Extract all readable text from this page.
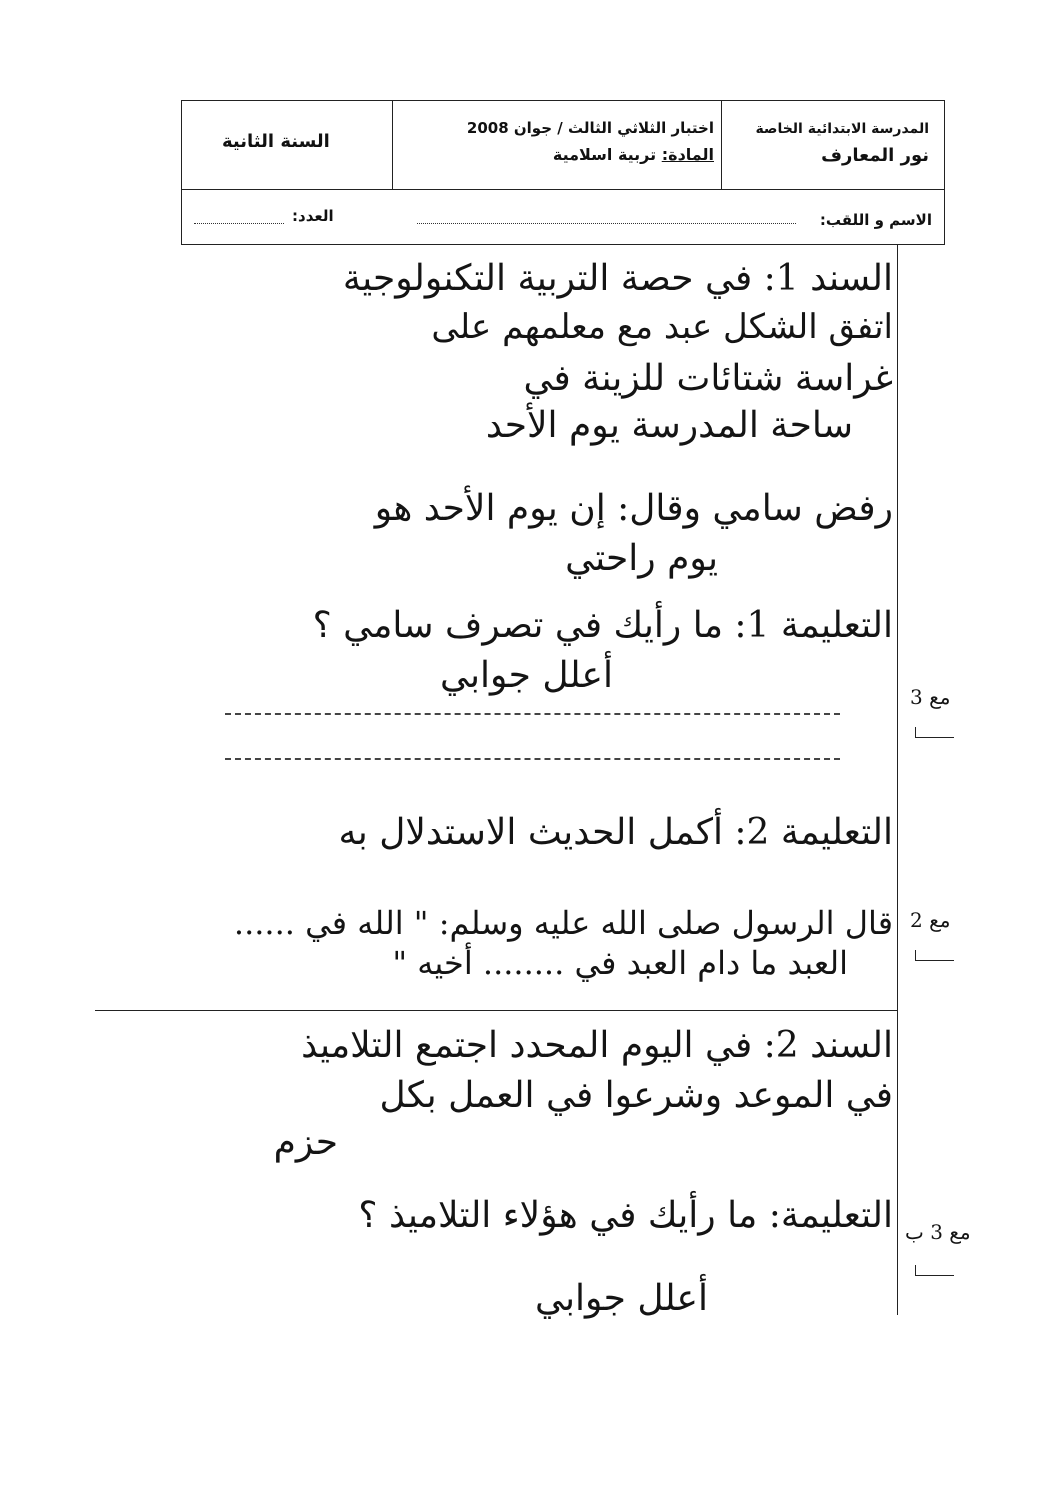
المدرسة الابتدائية الخاصة
نور المعارف
اختبار الثلاثي الثالث / جوان 2008
المادة: تربية اسلامية
السنة الثانية
الاسم و اللقب:
العدد:
السند 1: في حصة التربية التكنولوجية
اتفق الشكل عبد مع معلمهم على
غراسة شتائات للزينة في
ساحة المدرسة يوم الأحد
رفض سامي وقال: إن يوم الأحد هو
يوم راحتي
التعليمة 1: ما رأيك في تصرف سامي ؟
أعلل جوابي
التعليمة 2: أكمل الحديث الاستدلال به
قال الرسول صلى الله عليه وسلم: " الله في ......
العبد ما دام العبد في ........ أخيه "
السند 2: في اليوم المحدد اجتمع التلاميذ
في الموعد وشرعوا في العمل بكل
حزم
التعليمة: ما رأيك في هؤلاء التلاميذ ؟
أعلل جوابي
مع 3
مع 2
مع 3 ب
